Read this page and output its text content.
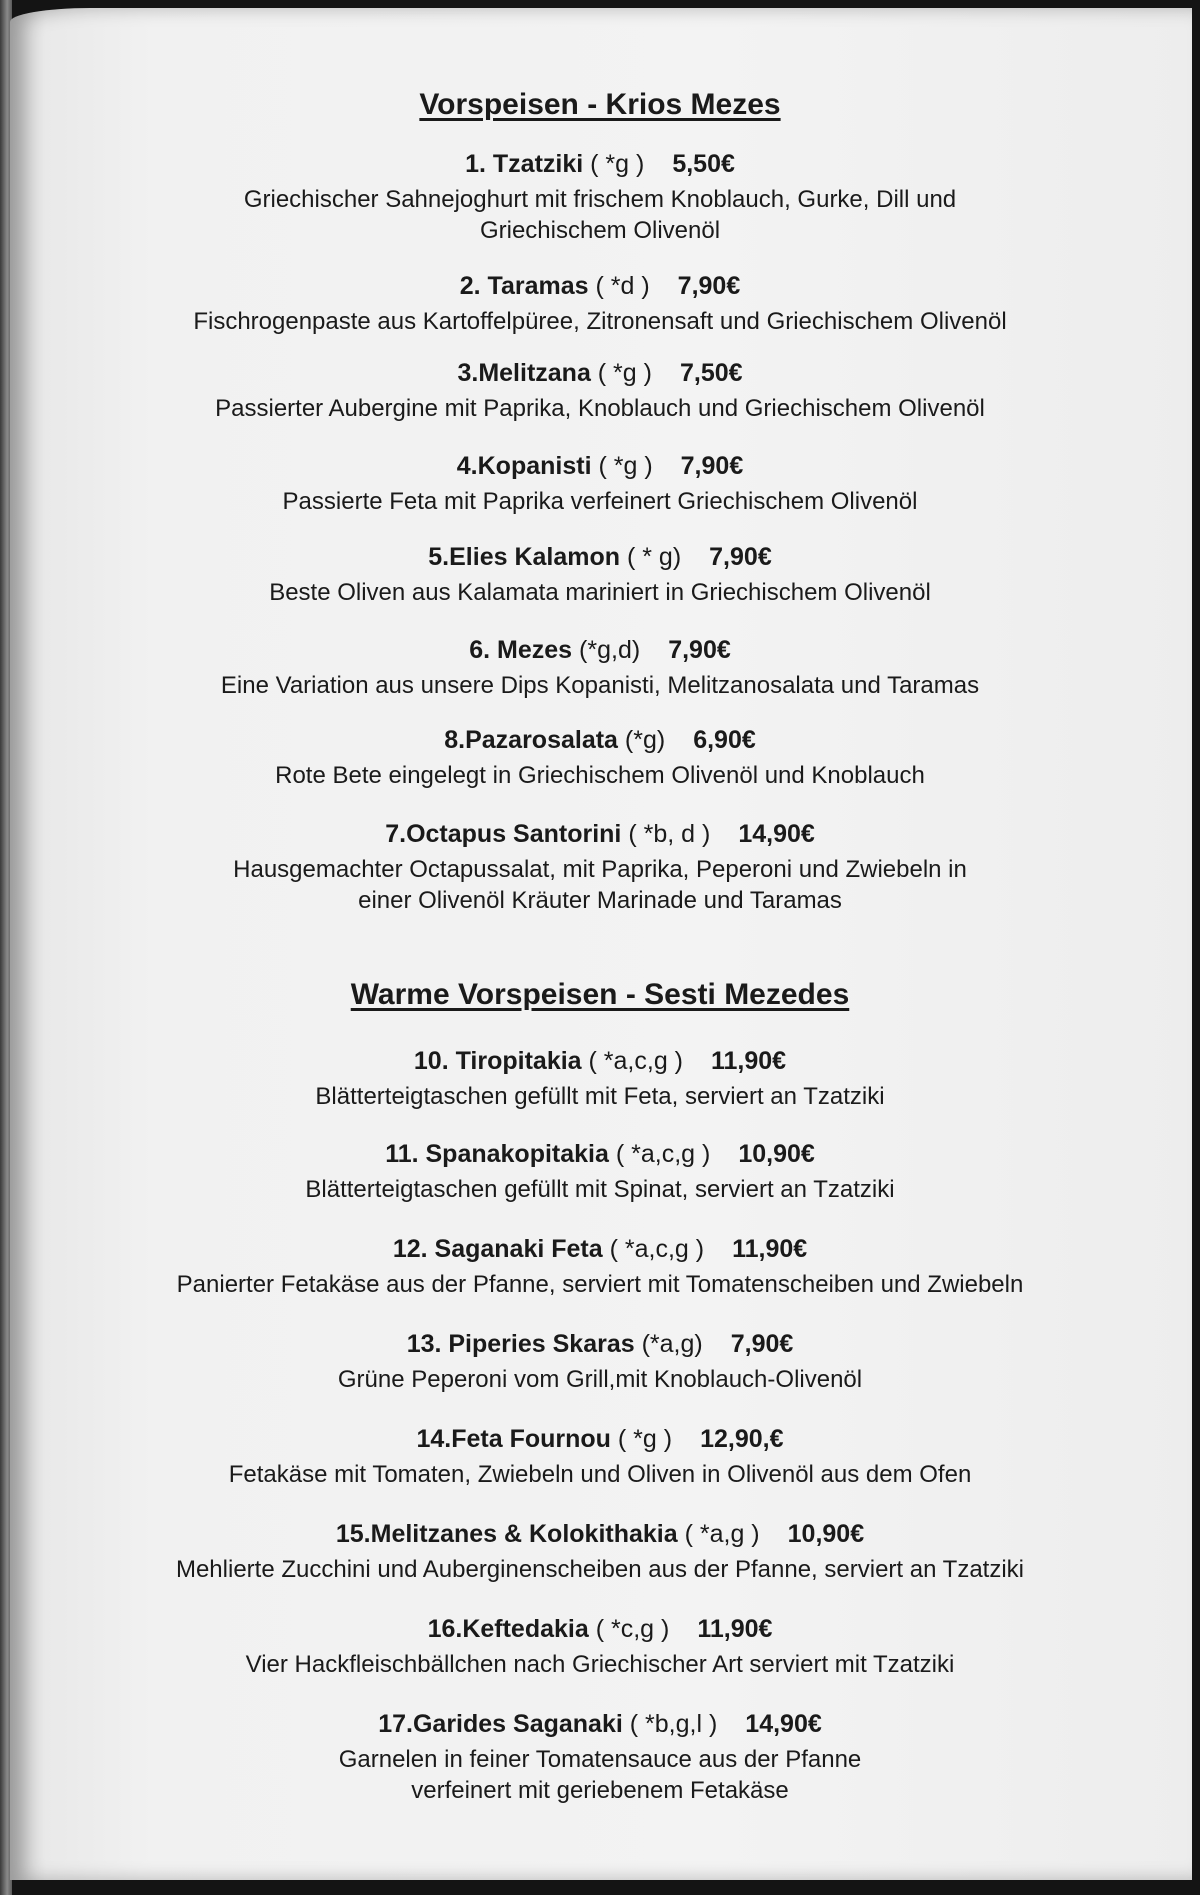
Vorspeisen - Krios Mezes
1. Tzatziki ( *g ) 5,50€
Griechischer Sahnejoghurt mit frischem Knoblauch, Gurke, Dill und
Griechischem Olivenöl
2. Taramas ( *d ) 7,90€
Fischrogenpaste aus Kartoffelpüree, Zitronensaft und Griechischem Olivenöl
3.Melitzana ( *g ) 7,50€
Passierter Aubergine mit Paprika, Knoblauch und Griechischem Olivenöl
4.Kopanisti ( *g ) 7,90€
Passierte Feta mit Paprika verfeinert Griechischem Olivenöl
5.Elies Kalamon ( * g) 7,90€
Beste Oliven aus Kalamata mariniert in Griechischem Olivenöl
6. Mezes (*g,d) 7,90€
Eine Variation aus unsere Dips Kopanisti, Melitzanosalata und Taramas
8.Pazarosalata (*g) 6,90€
Rote Bete eingelegt in Griechischem Olivenöl und Knoblauch
7.Octapus Santorini ( *b, d ) 14,90€
Hausgemachter Octapussalat, mit Paprika, Peperoni und Zwiebeln in
einer Olivenöl Kräuter Marinade und Taramas
Warme Vorspeisen - Sesti Mezedes
10. Tiropitakia ( *a,c,g ) 11,90€
Blätterteigtaschen gefüllt mit Feta, serviert an Tzatziki
11. Spanakopitakia ( *a,c,g ) 10,90€
Blätterteigtaschen gefüllt mit Spinat, serviert an Tzatziki
12. Saganaki Feta ( *a,c,g ) 11,90€
Panierter Fetakäse aus der Pfanne, serviert mit Tomatenscheiben und Zwiebeln
13. Piperies Skaras (*a,g) 7,90€
Grüne Peperoni vom Grill,mit Knoblauch-Olivenöl
14.Feta Fournou ( *g ) 12,90,€
Fetakäse mit Tomaten, Zwiebeln und Oliven in Olivenöl aus dem Ofen
15.Melitzanes & Kolokithakia ( *a,g ) 10,90€
Mehlierte Zucchini und Auberginenscheiben aus der Pfanne, serviert an Tzatziki
16.Keftedakia ( *c,g ) 11,90€
Vier Hackfleischbällchen nach Griechischer Art serviert mit Tzatziki
17.Garides Saganaki ( *b,g,l ) 14,90€
Garnelen in feiner Tomatensauce aus der Pfanne
verfeinert mit geriebenem Fetakäse
